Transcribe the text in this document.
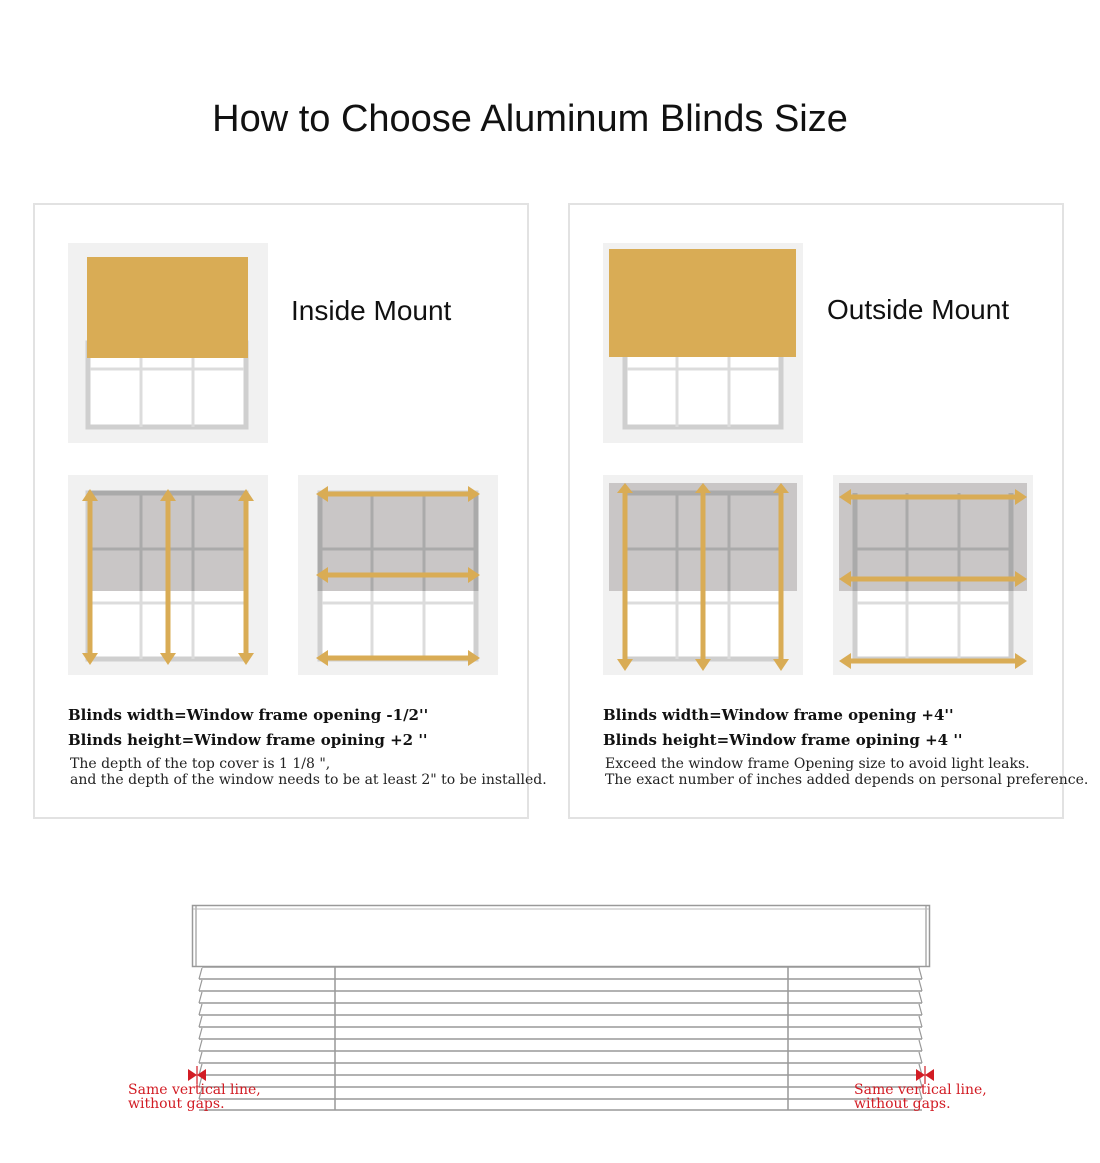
How to Choose Aluminum Blinds Size
Inside Mount
Blinds width=Window frame opening -1/2''
Blinds height=Window frame opining +2 ''
The depth of the top cover is 1 1/8 ",
and the depth of the window needs to be at least 2" to be installed.
Outside Mount
Blinds width=Window frame opening +4''
Blinds height=Window frame opining +4 ''
Exceed the window frame Opening size to avoid light leaks.
The exact number of inches added depends on personal preference.
Same vertical line,
without gaps.
Same vertical line,
without gaps.
